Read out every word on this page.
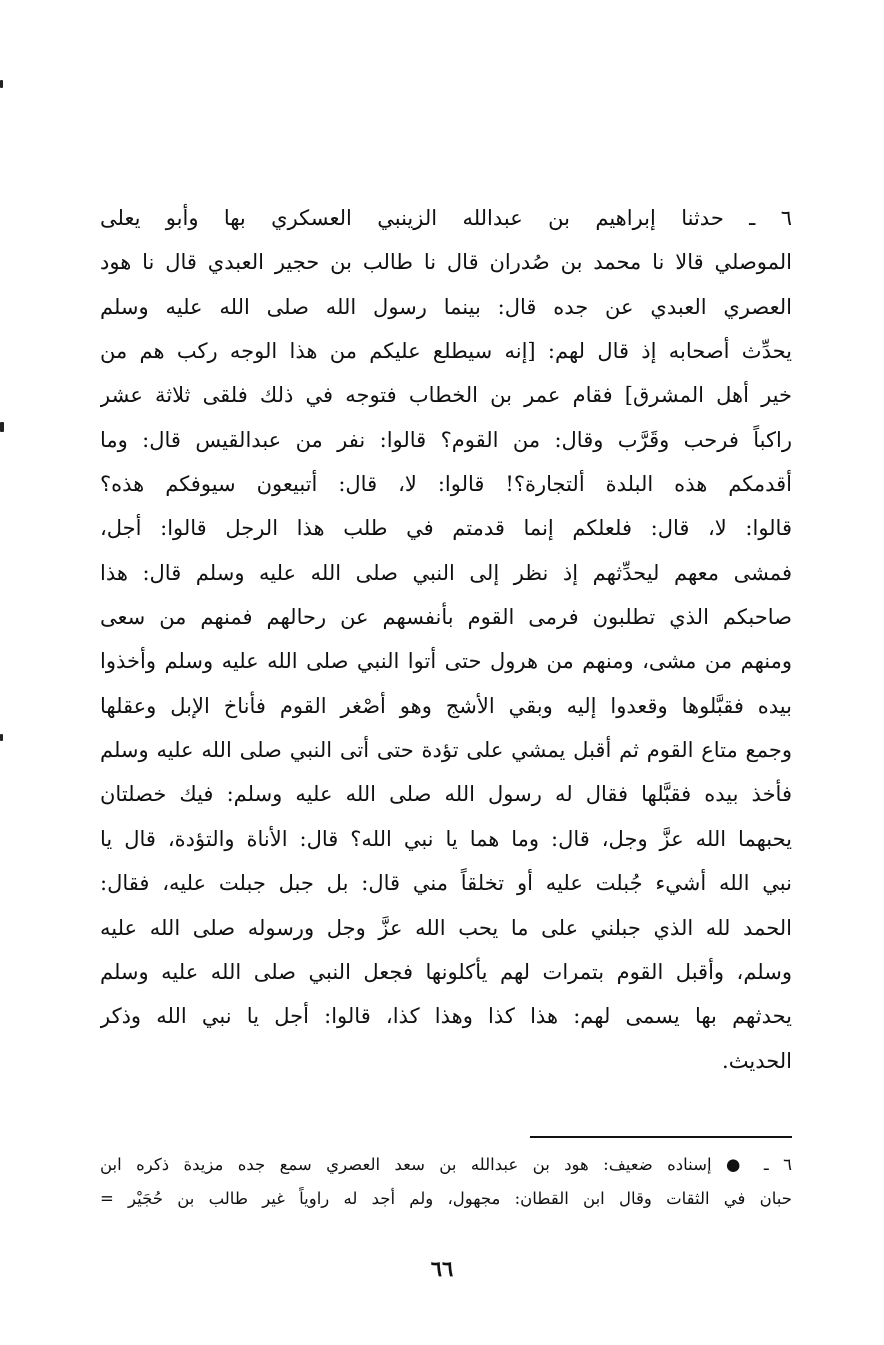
٦ ـ حدثنا إبراهيم بن عبدالله الزينبي العسكري بها وأبو يعلى
الموصلي قالا نا محمد بن صُدران قال نا طالب بن حجير العبدي قال نا هود
العصري العبدي عن جده قال: بينما رسول الله صلى الله عليه وسلم
يحدِّث أصحابه إذ قال لهم: [إنه سيطلع عليكم من هذا الوجه ركب هم من
خير أهل المشرق] فقام عمر بن الخطاب فتوجه في ذلك فلقى ثلاثة عشر
راكباً فرحب وقَرَّب وقال: من القوم؟ قالوا: نفر من عبدالقيس قال: وما
أقدمكم هذه البلدة ألتجارة؟! قالوا: لا، قال: أتبيعون سيوفكم هذه؟
قالوا: لا، قال: فلعلكم إنما قدمتم في طلب هذا الرجل قالوا: أجل،
فمشى معهم ليحدِّثهم إذ نظر إلى النبي صلى الله عليه وسلم قال: هذا
صاحبكم الذي تطلبون فرمى القوم بأنفسهم عن رحالهم فمنهم من سعى
ومنهم من مشى، ومنهم من هرول حتى أتوا النبي صلى الله عليه وسلم وأخذوا
بيده فقبَّلوها وقعدوا إليه وبقي الأشج وهو أصْغر القوم فأناخ الإبل وعقلها
وجمع متاع القوم ثم أقبل يمشي على تؤدة حتى أتى النبي صلى الله عليه وسلم
فأخذ بيده فقبَّلها فقال له رسول الله صلى الله عليه وسلم: فيك خصلتان
يحبهما الله عزَّ وجل، قال: وما هما يا نبي الله؟ قال: الأناة والتؤدة، قال يا
نبي الله أشيء جُبلت عليه أو تخلقاً مني قال: بل جبل جبلت عليه، فقال:
الحمد لله الذي جبلني على ما يحب الله عزَّ وجل ورسوله صلى الله عليه
وسلم، وأقبل القوم بتمرات لهم يأكلونها فجعل النبي صلى الله عليه وسلم
يحدثهم بها يسمى لهم: هذا كذا وهذا كذا، قالوا: أجل يا نبي الله وذكر
الحديث.
٦ ـ ● إسناده ضعيف: هود بن عبدالله بن سعد العصري سمع جده مزيدة ذكره ابن
حبان في الثقات وقال ابن القطان: مجهول، ولم أجد له راوياً غير طالب بن حُجَيْر =
٦٦
